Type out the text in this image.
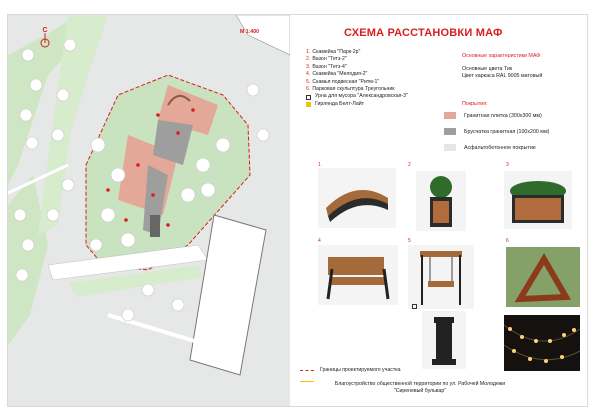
С	М 1:400	СХЕМА РАССТАНОВКИ МАФ
1. Скамейка "Парк-2р"
2. Вазон "Тетз-2"
3. Вазон "Тетз-4"
4. Скамейка "Мелодия-2"
5. Скамья подвесная "Ритм-1"
6. Парковая скульптура Треугольник
Урна для мусора "Александровская-3"
Гирлянда Белт-Лайт
Основные характеристики МАФ:
Основные цвета Тик
Цвет каркаса RAL 9005 матовый
Покрытия:
Гранитная плитка (300х300 мм)
Брусчатка гранитная (100х200 мм)
Асфальтобетонное покрытие
1	2	3
4	5	6
Границы проектируемого участка
Благоустройство общественной территории по ул. Рабочей Молодежи
"Сиреневый бульвар"
